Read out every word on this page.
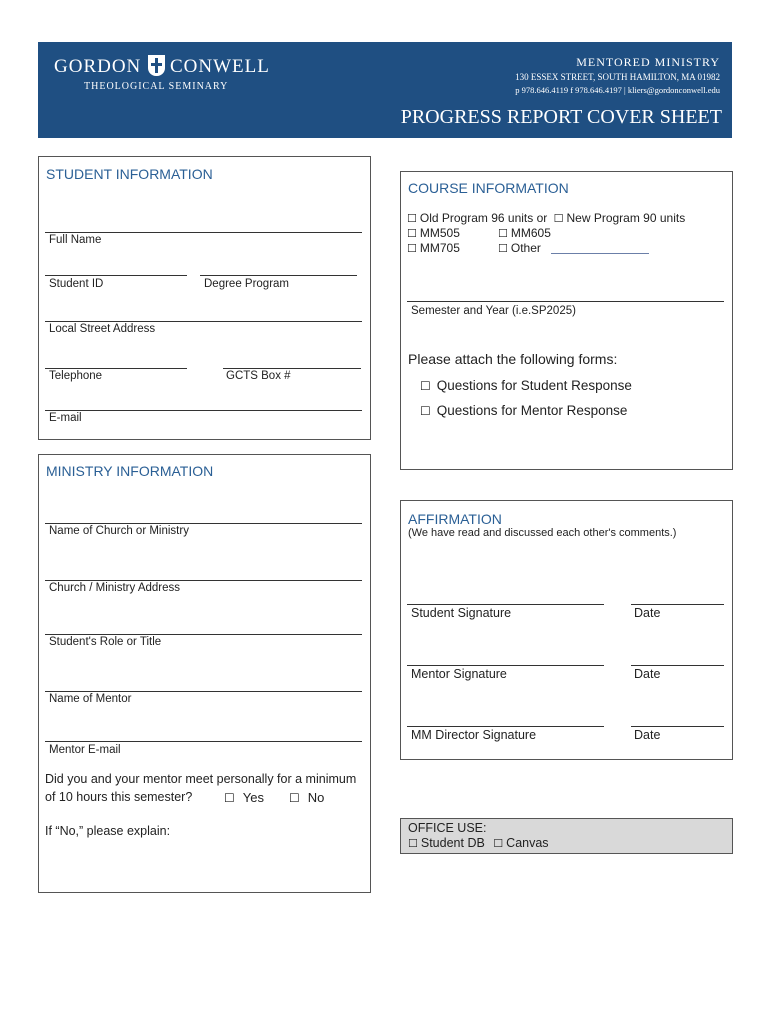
GORDON CONWELL
THEOLOGICAL SEMINARY
MENTORED MINISTRY
130 ESSEX STREET, SOUTH HAMILTON, MA 01982
p 978.646.4119 f 978.646.4197 | kliers@gordonconwell.edu
PROGRESS REPORT COVER SHEET
STUDENT INFORMATION
Full Name
Student ID	Degree Program
Local Street Address
Telephone	GCTS Box #
E-mail
COURSE INFORMATION
☐ Old Program 96 units or ☐ New Program 90 units
☐ MM505	☐ MM605
☐ MM705	☐ Other
Semester and Year (i.e.SP2025)
Please attach the following forms:
☐ Questions for Student Response
☐ Questions for Mentor Response
MINISTRY INFORMATION
Name of Church or Ministry
Church / Ministry Address
Student's Role or Title
Name of Mentor
Mentor E-mail
Did you and your mentor meet personally for a minimum
of 10 hours this semester?	☐ Yes ☐ No
If “No,” please explain:
AFFIRMATION
(We have read and discussed each other's comments.)
Student Signature	Date
Mentor Signature	Date
MM Director Signature	Date
OFFICE USE:
☐ Student DB ☐ Canvas
